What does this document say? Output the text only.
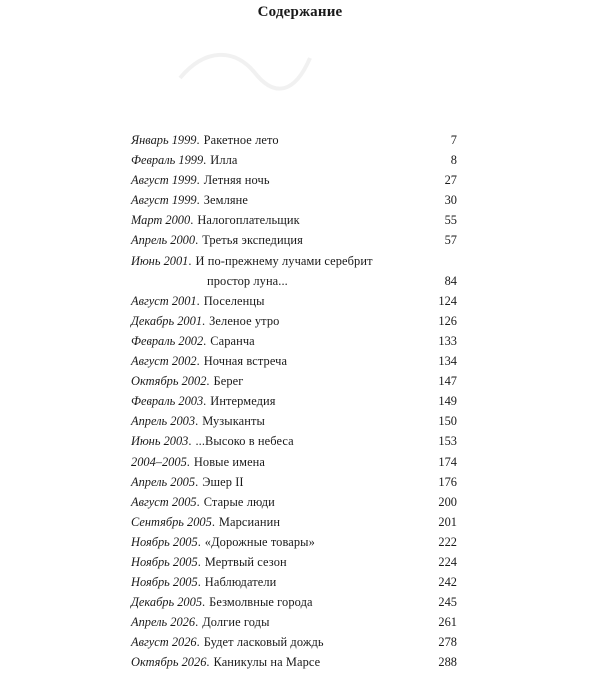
Содержание
Январь 1999 . Ракетное лето	7
Февраль 1999 . Илла	8
Август 1999 . Летняя ночь	27
Август 1999 . Земляне	30
Март 2000 . Налогоплательщик	55
Апрель 2000 . Третья экспедиция	57
Июнь 2001. И по-прежнему лучами серебрит
простор луна...	84
Август 2001 . Поселенцы	124
Декабрь 2001 . Зеленое утро	126
Февраль 2002 . Саранча	133
Август 2002 . Ночная встреча	134
Октябрь 2002 . Берег	147
Февраль 2003 . Интермедия	149
Апрель 2003 . Музыканты	150
Июнь 2003 . ...Высоко в небеса	153
2004–2005 . Новые имена	174
Апрель 2005 . Эшер II	176
Август 2005 . Старые люди	200
Сентябрь 2005 . Марсианин	201
Ноябрь 2005 . «Дорожные товары»	222
Ноябрь 2005 . Мертвый сезон	224
Ноябрь 2005 . Наблюдатели	242
Декабрь 2005 . Безмолвные города	245
Апрель 2026 . Долгие годы	261
Август 2026 . Будет ласковый дождь	278
Октябрь 2026 . Каникулы на Марсе	288
